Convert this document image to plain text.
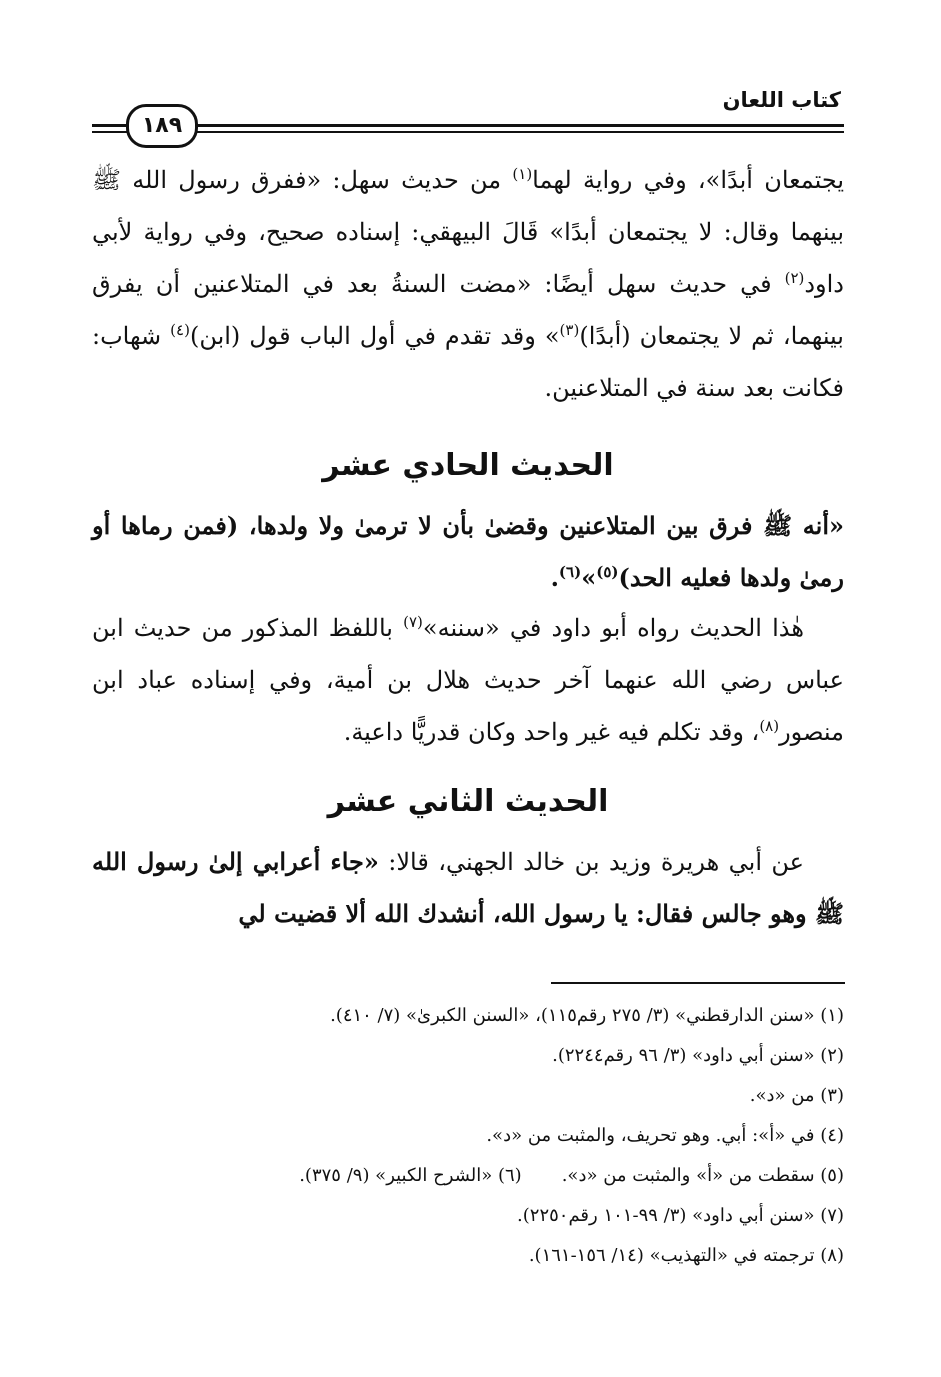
كتاب اللعان
١٨٩

يجتمعان أبدًا»، وفي رواية لهما$^{(١)}$ من حديث سهل: «ففرق رسول الله ﷺ بينهما وقال: لا يجتمعان أبدًا» قَالَ البيهقي: إسناده صحيح، وفي رواية لأبي داود$^{(٢)}$ في حديث سهل أيضًا: «مضت السنةُ بعد في المتلاعنين أن يفرق بينهما، ثم لا يجتمعان (أبدًا)$^{(٣)}$» وقد تقدم في أول الباب قول (ابن)$^{(٤)}$ شهاب: فكانت بعد سنة في المتلاعنين.

الحديث الحادي عشر

«أنه ﷺ فرق بين المتلاعنين وقضىٰ بأن لا ترمىٰ ولا ولدها، (فمن رماها أو رمىٰ ولدها فعليه الحد)$^{(٥)}$»$^{(٦)}$.

هٰذا الحديث رواه أبو داود في «سننه»$^{(٧)}$ باللفظ المذكور من حديث ابن عباس رضي الله عنهما آخر حديث هلال بن أمية، وفي إسناده عباد ابن منصور$^{(٨)}$، وقد تكلم فيه غير واحد وكان قدريًّا داعية.

الحديث الثاني عشر

عن أبي هريرة وزيد بن خالد الجهني، قالا: «جاء أعرابي إلىٰ رسول الله ﷺ وهو جالس فقال: يا رسول الله، أنشدك الله ألا قضيت لي

(١) «سنن الدارقطني» (٣/ ٢٧٥ رقم١١٥)، «السنن الكبرىٰ» (٧/ ٤١٠).
(٢) «سنن أبي داود» (٣/ ٩٦ رقم٢٢٤٤).
(٣) من «د».
(٤) في «أ»: أبي. وهو تحريف، والمثبت من «د».
(٥) سقطت من «أ» والمثبت من «د».(٦) «الشرح الكبير» (٩/ ٣٧٥).
(٧) «سنن أبي داود» (٣/ ٩٩-١٠١ رقم٢٢٥٠).
(٨) ترجمته في «التهذيب» (١٤/ ١٥٦-١٦١).
